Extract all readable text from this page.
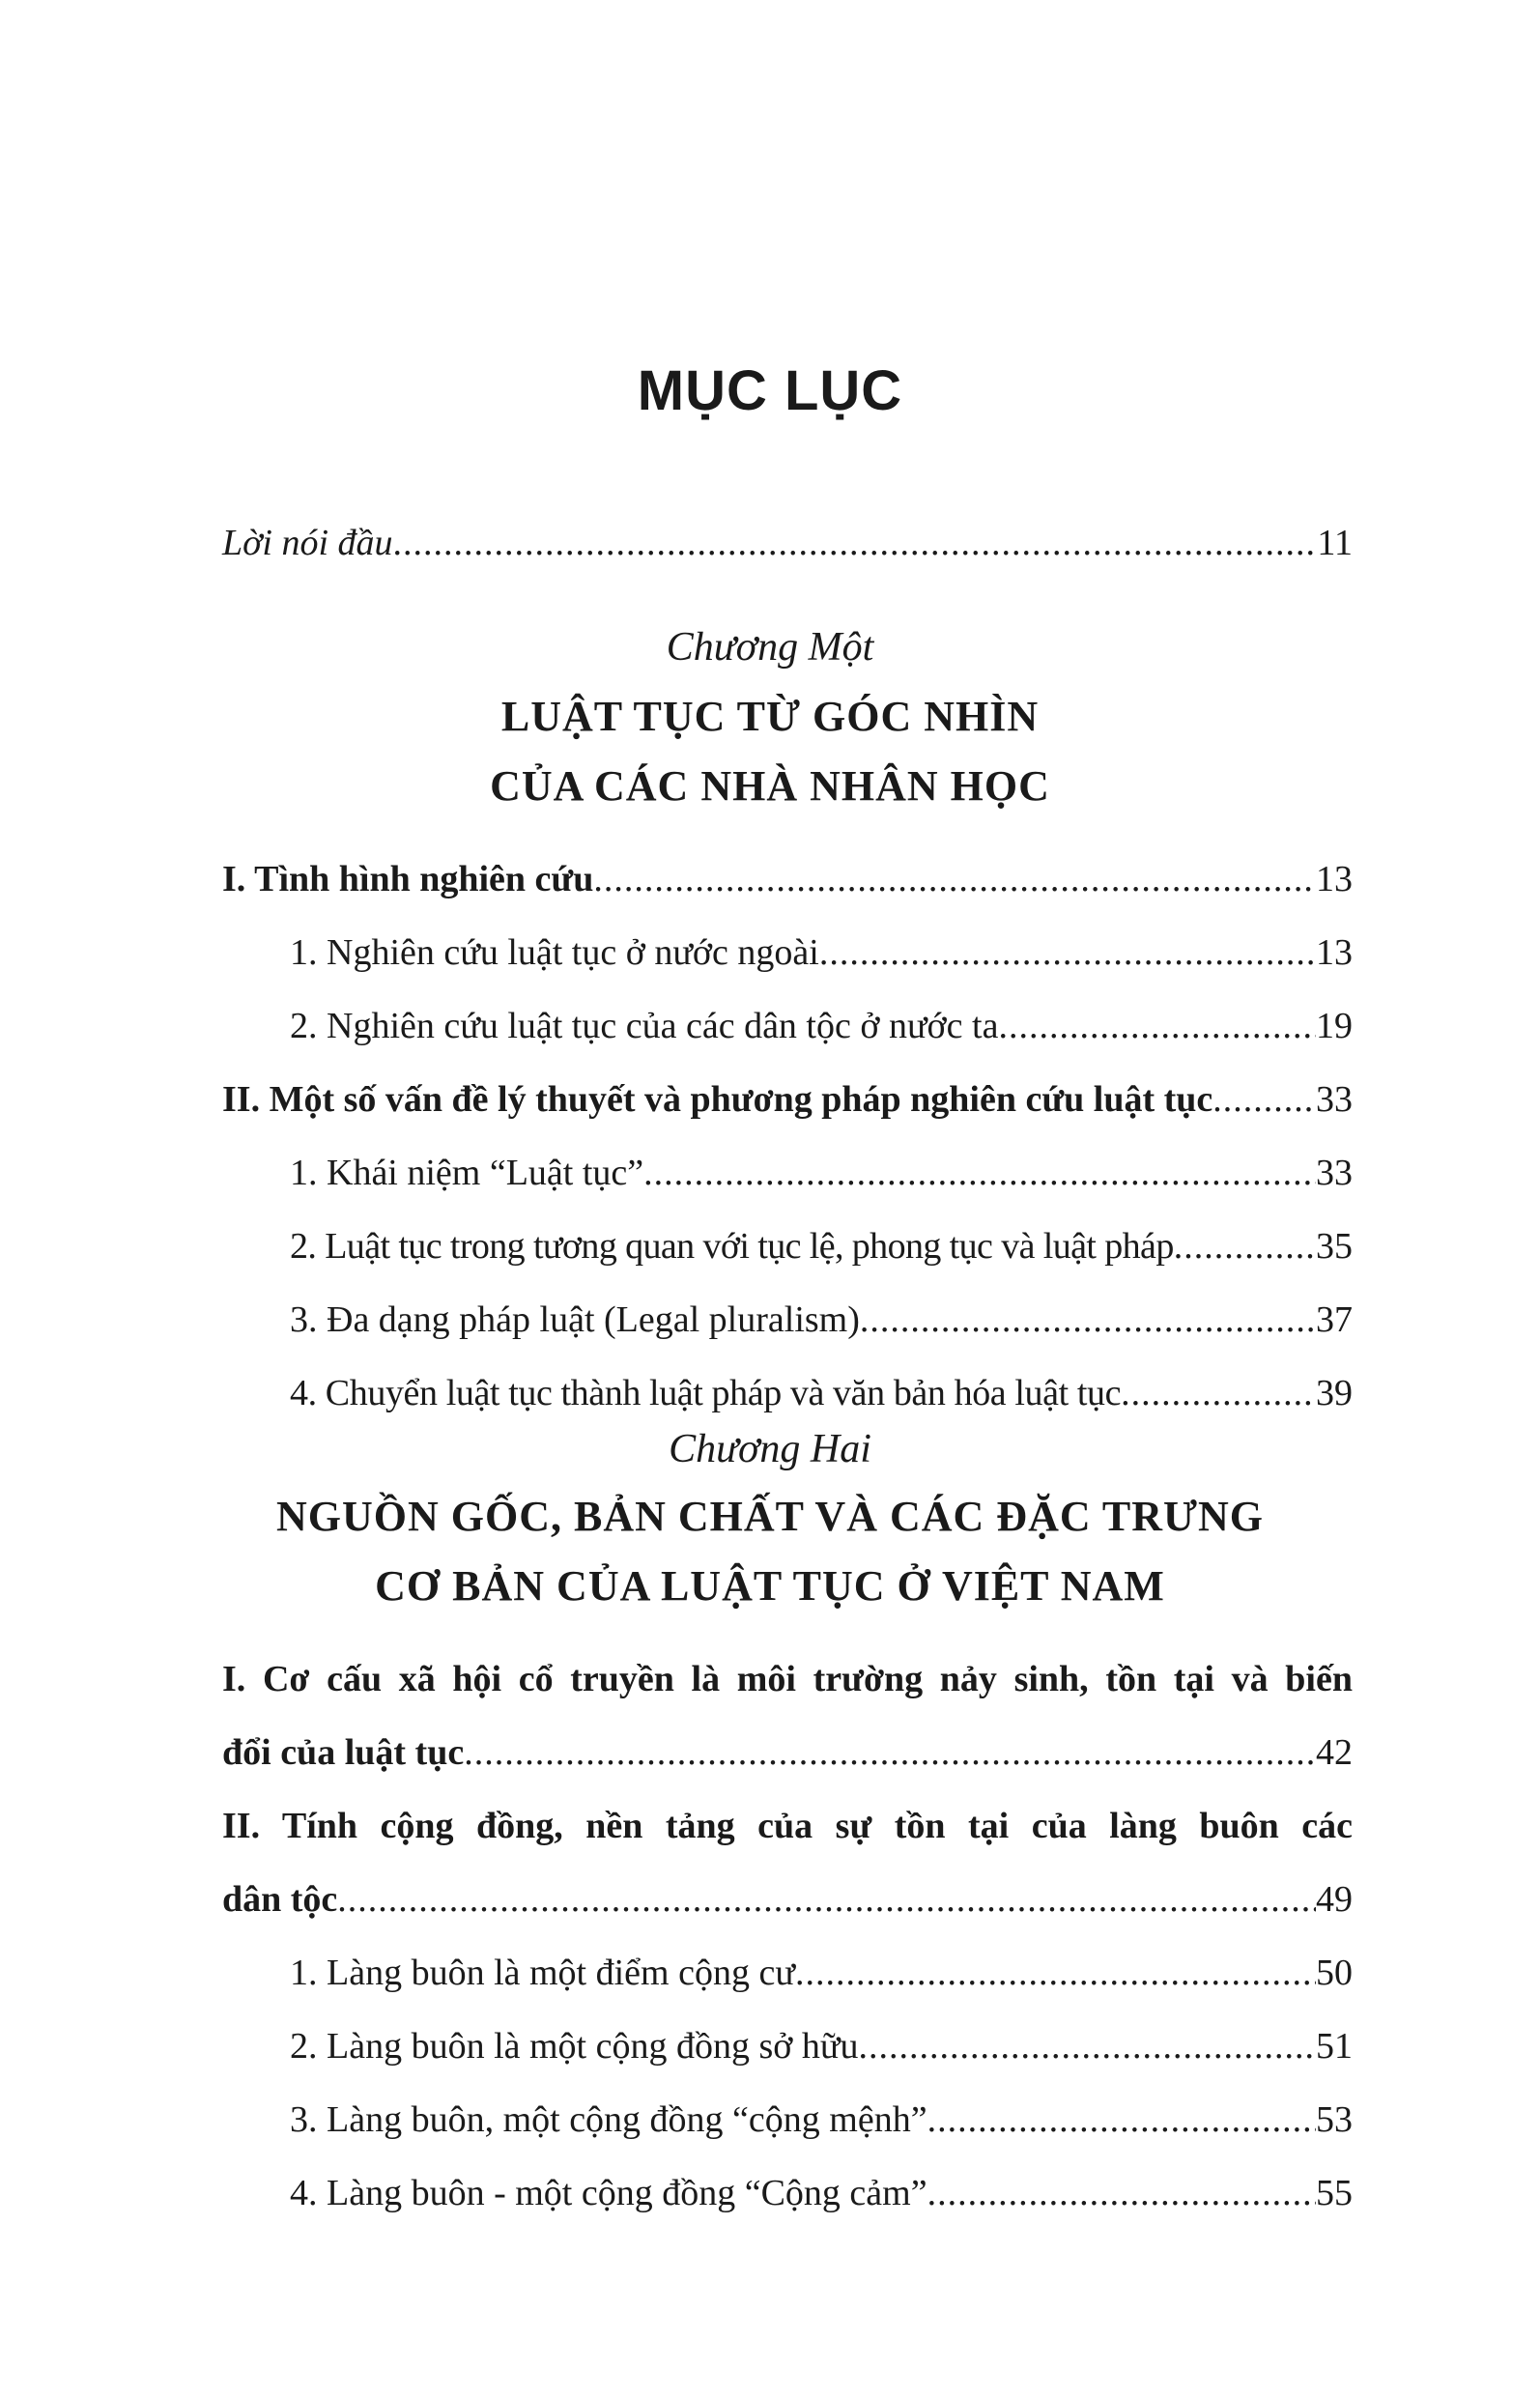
MỤC LỤC
Lời nói đầu .....	11
Chương Một
LUẬT TỤC TỪ GÓC NHÌN
CỦA CÁC NHÀ NHÂN HỌC
I. Tình hình nghiên cứu .....	13
1. Nghiên cứu luật tục ở nước ngoài .....	13
2. Nghiên cứu luật tục của các dân tộc ở nước ta .....	19
II. Một số vấn đề lý thuyết và phương pháp nghiên cứu luật tục .....	33
1. Khái niệm “Luật tục” .....	33
2. Luật tục trong tương quan với tục lệ, phong tục và luật pháp .....	35
3. Đa dạng pháp luật (Legal pluralism) .....	37
4. Chuyển luật tục thành luật pháp và văn bản hóa luật tục .....	39
Chương Hai
NGUỒN GỐC, BẢN CHẤT VÀ CÁC ĐẶC TRƯNG
CƠ BẢN CỦA LUẬT TỤC Ở VIỆT NAM
I. Cơ cấu xã hội cổ truyền là môi trường nảy sinh, tồn tại và biến
đổi của luật tục .....	42
II. Tính cộng đồng, nền tảng của sự tồn tại của làng buôn các
dân tộc .....	49
1. Làng buôn là một điểm cộng cư .....	50
2. Làng buôn là một cộng đồng sở hữu .....	51
3. Làng buôn, một cộng đồng “cộng mệnh” .....	53
4. Làng buôn - một cộng đồng “Cộng cảm” .....	55
